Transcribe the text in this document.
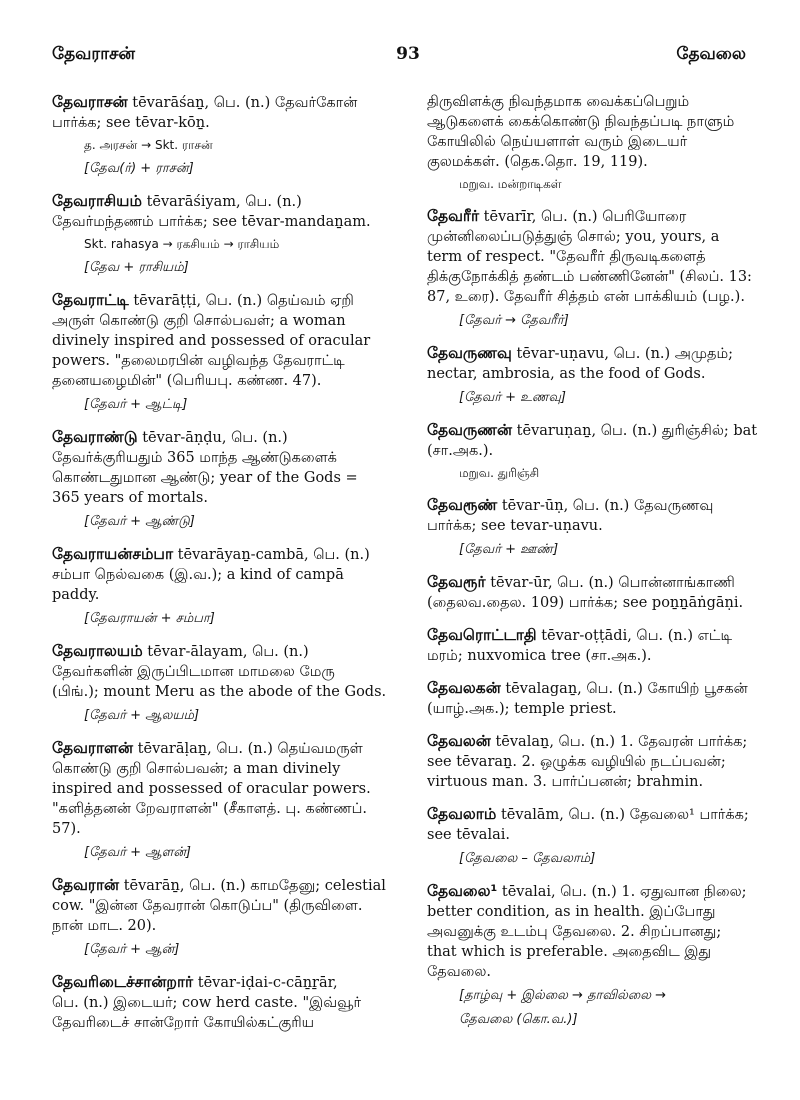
தேவராசன்	93	தேவலை
தேவராசன் tēvarāśaṉ, பெ. (n.) தேவர்கோன்
பார்க்க; see tēvar-kōṉ.
த. அரசன் → Skt. ராசன்
[தேவ(ர்) + ராசன்]
தேவராசியம் tēvarāśiyam, பெ. (n.)
தேவர்மந்தணம் பார்க்க; see tēvar-mandaṉam.
Skt. rahasya → ரகசியம் → ராசியம்
[தேவ + ராசியம்]
தேவராட்டி tēvarāṭṭi, பெ. (n.) தெய்வம் ஏறி
அருள் கொண்டு குறி சொல்பவள்; a woman
divinely inspired and possessed of oracular
powers. "தலைமரபின் வழிவந்த தேவராட்டி
தனையழைமின்" (பெரியபு. கண்ண. 47).
[தேவர் + ஆட்டி]
தேவராண்டு tēvar-āṇḍu, பெ. (n.)
தேவர்க்குரியதும் 365 மாந்த ஆண்டுகளைக்
கொண்டதுமான ஆண்டு; year of the Gods =
365 years of mortals.
[தேவர் + ஆண்டு]
தேவராயன்சம்பா tēvarāyaṉ-cambā, பெ. (n.)
சம்பா நெல்வகை (இ.வ.); a kind of campā
paddy.
[தேவராயன் + சம்பா]
தேவராலயம் tēvar-ālayam, பெ. (n.)
தேவர்களின் இருப்பிடமான மாமலை மேரு
(பிங்.); mount Meru as the abode of the Gods.
[தேவர் + ஆலயம்]
தேவராளன் tēvarāḷaṉ, பெ. (n.) தெய்வமருள்
கொண்டு குறி சொல்பவன்; a man divinely
inspired and possessed of oracular powers.
"களித்தனன் றேவராளன்" (சீகாளத். பு. கண்ணப்.
57).
[தேவர் + ஆளன்]
தேவரான் tēvarāṉ, பெ. (n.) காமதேனு; celestial
cow. "இன்ன தேவரான் கொடுப்ப" (திருவிளை.
நான் மாட. 20).
[தேவர் + ஆன்]
தேவரிடைச்சான்றார் tēvar-iḍai-c-cāṉṟār,
பெ. (n.) இடையர்; cow herd caste. "இவ்வூர்
தேவரிடைச் சான்றோர் கோயில்கட்குரிய
திருவிளக்கு நிவந்தமாக வைக்கப்பெறும்
ஆடுகளைக் கைக்கொண்டு நிவந்தப்படி நாளும்
கோயிலில் நெய்யளாள் வரும் இடையர்
குலமக்கள். (தெக.தொ. 19, 119).
மறுவ. மன்றாடிகள்
தேவரீர் tēvarīr, பெ. (n.) பெரியோரை
முன்னிலைப்படுத்துஞ் சொல்; you, yours, a
term of respect. "தேவரீர் திருவடிகளைத்
திக்குநோக்கித் தண்டம் பண்ணினேன்" (சிலப். 13:
87, உரை). தேவரீர் சித்தம் என் பாக்கியம் (பழ.).
[தேவர் → தேவரீர்]
தேவருணவு tēvar-uṇavu, பெ. (n.) அமுதம்;
nectar, ambrosia, as the food of Gods.
[தேவர் + உணவு]
தேவருணன் tēvaruṇaṉ, பெ. (n.) துரிஞ்சில்; bat
(சா.அக.).
மறுவ. துரிஞ்சி
தேவரூண் tēvar-ūṇ, பெ. (n.) தேவருணவு
பார்க்க; see tevar-uṇavu.
[தேவர் + ஊண்]
தேவரூர் tēvar-ūr, பெ. (n.) பொன்னாங்காணி
(தைலவ.தைல. 109) பார்க்க; see poṉṉāṅgāṇi.
தேவரொட்டாதி tēvar-oṭṭādi, பெ. (n.) எட்டி
மரம்; nuxvomica tree (சா.அக.).
தேவலகன் tēvalagaṉ, பெ. (n.) கோயிற் பூசகன்
(யாழ்.அக.); temple priest.
தேவலன் tēvalaṉ, பெ. (n.) 1. தேவரன் பார்க்க;
see tēvaraṉ. 2. ஒழுக்க வழியில் நடப்பவன்;
virtuous man. 3. பார்ப்பனன்; brahmin.
தேவலாம் tēvalām, பெ. (n.) தேவலை¹ பார்க்க;
see tēvalai.
[தேவலை – தேவலாம்]
தேவலை¹ tēvalai, பெ. (n.) 1. ஏதுவான நிலை;
better condition, as in health. இப்போது
அவனுக்கு உடம்பு தேவலை. 2. சிறப்பானது;
that which is preferable. அதைவிட இது
தேவலை.
[தாழ்வு + இல்லை → தாவில்லை →
தேவலை (கொ.வ.)]
